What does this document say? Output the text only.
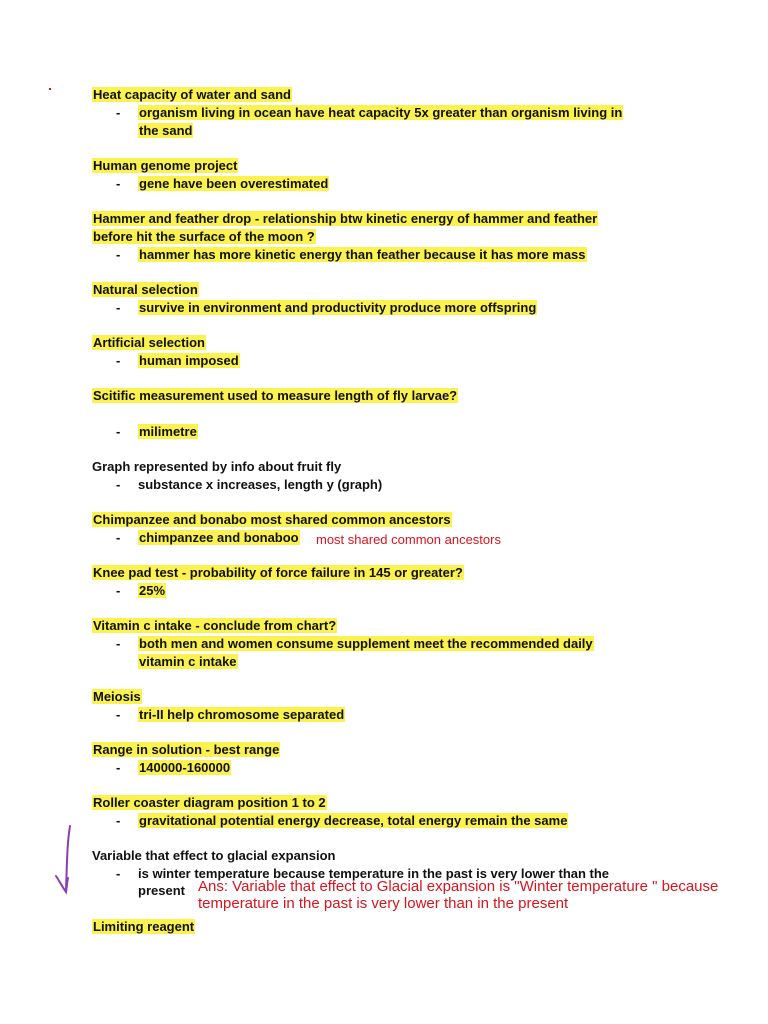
Heat capacity of water and sand
- organism living in ocean have heat capacity 5x greater than organism living in
the sand
Human genome project
- gene have been overestimated
Hammer and feather drop - relationship btw kinetic energy of hammer and feather
before hit the surface of the moon ?
- hammer has more kinetic energy than feather because it has more mass
Natural selection
- survive in environment and productivity produce more offspring
Artificial selection
- human imposed
Scitific measurement used to measure length of fly larvae?
- milimetre
Graph represented by info about fruit fly
- substance x increases, length y (graph)
Chimpanzee and bonabo most shared common ancestors
- chimpanzee and bonaboo most shared common ancestors
Knee pad test - probability of force failure in 145 or greater?
- 25%
Vitamin c intake - conclude from chart?
- both men and women consume supplement meet the recommended daily
vitamin c intake
Meiosis
- tri-II help chromosome separated
Range in solution - best range
- 140000-160000
Roller coaster diagram position 1 to 2
- gravitational potential energy decrease, total energy remain the same
Variable that effect to glacial expansion
- is winter temperature because temperature in the past is very lower than the
present Ans: Variable that effect to Glacial expansion is "Winter temperature " because
temperature in the past is very lower than in the present
Limiting reagent
